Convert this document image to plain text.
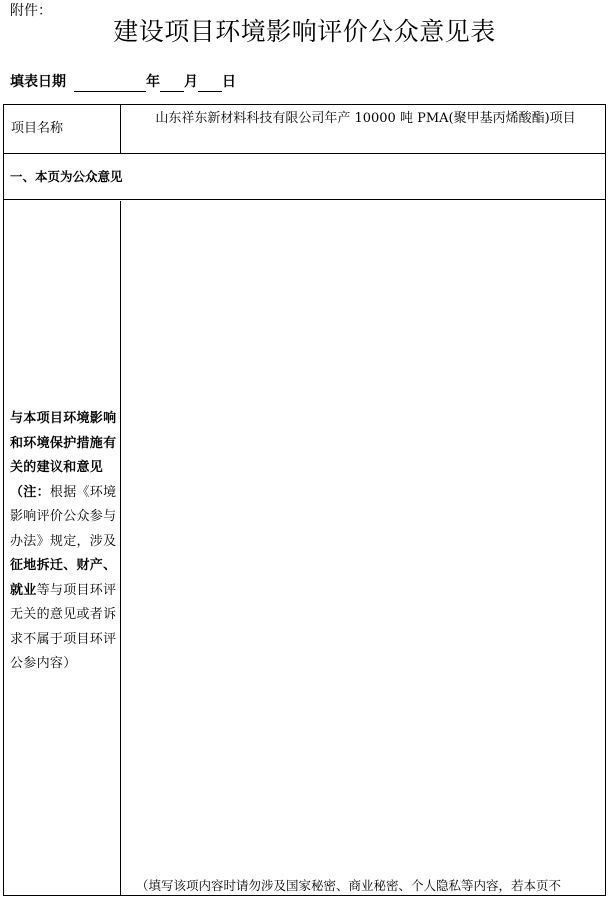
附件：
建设项目环境影响评价公众意见表
填表日期	年 月 日
项目名称
山东祥东新材料科技有限公司年产 10000 吨 PMA(聚甲基丙烯酸酯)项目
一、本页为公众意见
与本项目环境影响和环境保护措施有关的建议和意见（注：根据《环境影响评价公众参与办法》规定，涉及征地拆迁、财产、就业等与项目环评无关的意见或者诉求不属于项目环评公参内容）
（填写该项内容时请勿涉及国家秘密、商业秘密、个人隐私等内容，若本页不
